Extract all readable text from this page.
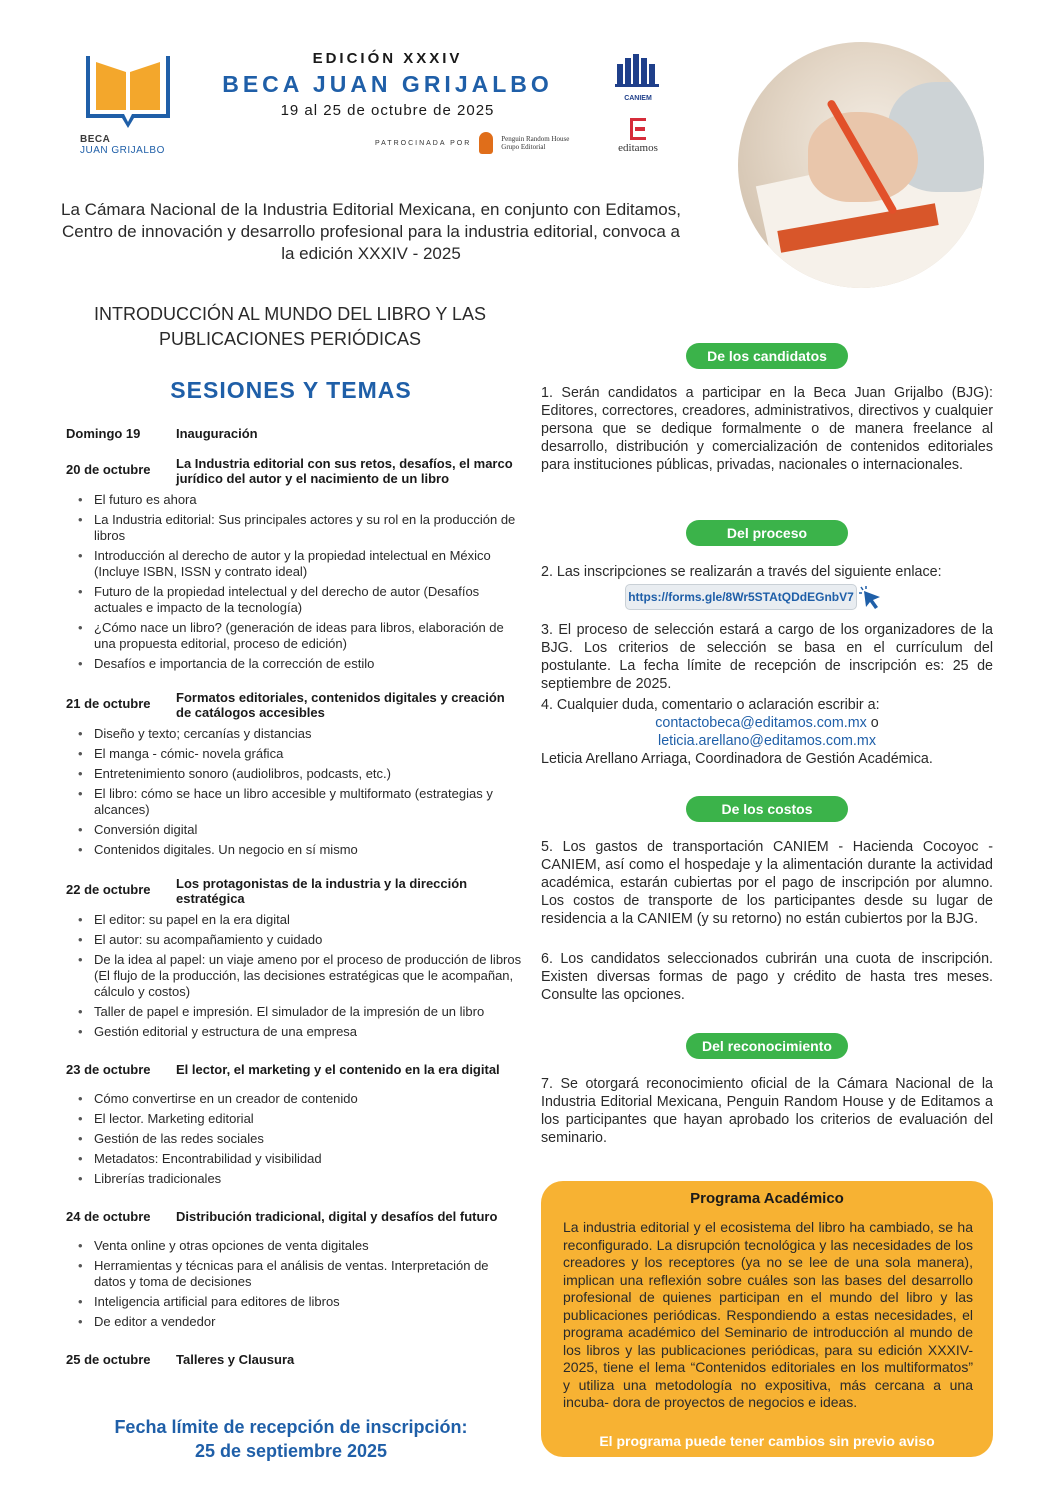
BECA
JUAN GRIJALBO
EDICIÓN XXXIV
BECA JUAN GRIJALBO
19 al 25 de octubre de 2025
PATROCINADA POR	Penguin Random House Grupo Editorial
CANIEM
editamos
La Cámara Nacional de la Industria Editorial Mexicana, en conjunto con Editamos, Centro de innovación y desarrollo profesional para la industria editorial, convoca a la edición XXXIV - 2025
INTRODUCCIÓN AL MUNDO DEL LIBRO Y LAS PUBLICACIONES PERIÓDICAS
SESIONES Y TEMAS
Domingo 19	Inauguración
20 de octubre	La Industria editorial con sus retos, desafíos, el marco jurídico del autor y el nacimiento de un libro
• El futuro es ahora
• La Industria editorial: Sus principales actores y su rol en la producción de libros
• Introducción al derecho de autor y la propiedad intelectual en México (Incluye ISBN, ISSN y contrato ideal)
• Futuro de la propiedad intelectual y del derecho de autor (Desafíos actuales e impacto de la tecnología)
• ¿Cómo nace un libro? (generación de ideas para libros, elaboración de una propuesta editorial, proceso de edición)
• Desafíos e importancia de la corrección de estilo
21 de octubre	Formatos editoriales, contenidos digitales y creación de catálogos accesibles
• Diseño y texto; cercanías y distancias
• El manga - cómic- novela gráfica
• Entretenimiento sonoro (audiolibros, podcasts, etc.)
• El libro: cómo se hace un libro accesible y multiformato (estrategias y alcances)
• Conversión digital
• Contenidos digitales. Un negocio en sí mismo
22 de octubre	Los protagonistas de la industria y la dirección estratégica
• El editor: su papel en la era digital
• El autor: su acompañamiento y cuidado
• De la idea al papel: un viaje ameno por el proceso de producción de libros (El flujo de la producción, las decisiones estratégicas que le acompañan, cálculo y costos)
• Taller de papel e impresión. El simulador de la impresión de un libro
• Gestión editorial y estructura de una empresa
23 de octubre	El lector, el marketing y el contenido en la era digital
• Cómo convertirse en un creador de contenido
• El lector. Marketing editorial
• Gestión de las redes sociales
• Metadatos: Encontrabilidad y visibilidad
• Librerías tradicionales
24 de octubre	Distribución tradicional, digital y desafíos del futuro
• Venta online y otras opciones de venta digitales
• Herramientas y técnicas para el análisis de ventas. Interpretación de datos y toma de decisiones
• Inteligencia artificial para editores de libros
• De editor a vendedor
25 de octubre	Talleres y Clausura
Fecha límite de recepción de inscripción:
25 de septiembre 2025
De los candidatos
1. Serán candidatos a participar en la Beca Juan Grijalbo (BJG): Editores, correctores, creadores, administrativos, directivos y cualquier persona que se dedique formalmente o de manera freelance al desarrollo, distribución y comercialización de contenidos editoriales para instituciones públicas, privadas, nacionales o internacionales.
Del proceso
2. Las inscripciones se realizarán a través del siguiente enlace:
https://forms.gle/8Wr5STAtQDdEGnbV7
3. El proceso de selección estará a cargo de los organizadores de la BJG. Los criterios de selección se basa en el currículum del postulante. La fecha límite de recepción de inscripción es: 25 de septiembre de 2025.
4. Cualquier duda, comentario o aclaración escribir a:
contactobeca@editamos.com.mx o
leticia.arellano@editamos.com.mx
Leticia Arellano Arriaga, Coordinadora de Gestión Académica.
De los costos
5. Los gastos de transportación CANIEM - Hacienda Cocoyoc - CANIEM, así como el hospedaje y la alimentación durante la actividad académica, estarán cubiertas por el pago de inscripción por alumno. Los costos de transporte de los participantes desde su lugar de residencia a la CANIEM (y su retorno) no están cubiertos por la BJG.
6. Los candidatos seleccionados cubrirán una cuota de inscripción. Existen diversas formas de pago y crédito de hasta tres meses. Consulte las opciones.
Del reconocimiento
7. Se otorgará reconocimiento oficial de la Cámara Nacional de la Industria Editorial Mexicana, Penguin Random House y de Editamos a los participantes que hayan aprobado los criterios de evaluación del seminario.
Programa Académico
La industria editorial y el ecosistema del libro ha cambiado, se ha reconfigurado. La disrupción tecnológica y las necesidades de los creadores y los receptores (ya no se lee de una sola manera), implican una reflexión sobre cuáles son las bases del desarrollo profesional de quienes participan en el mundo del libro y las publicaciones periódicas. Respondiendo a estas necesidades, el programa académico del Seminario de introducción al mundo de los libros y las publicaciones periódicas, para su edición XXXIV-2025, tiene el lema “Contenidos editoriales en los multiformatos” y utiliza una metodología no expositiva, más cercana a una incuba- dora de proyectos de negocios e ideas.
El programa puede tener cambios sin previo aviso
